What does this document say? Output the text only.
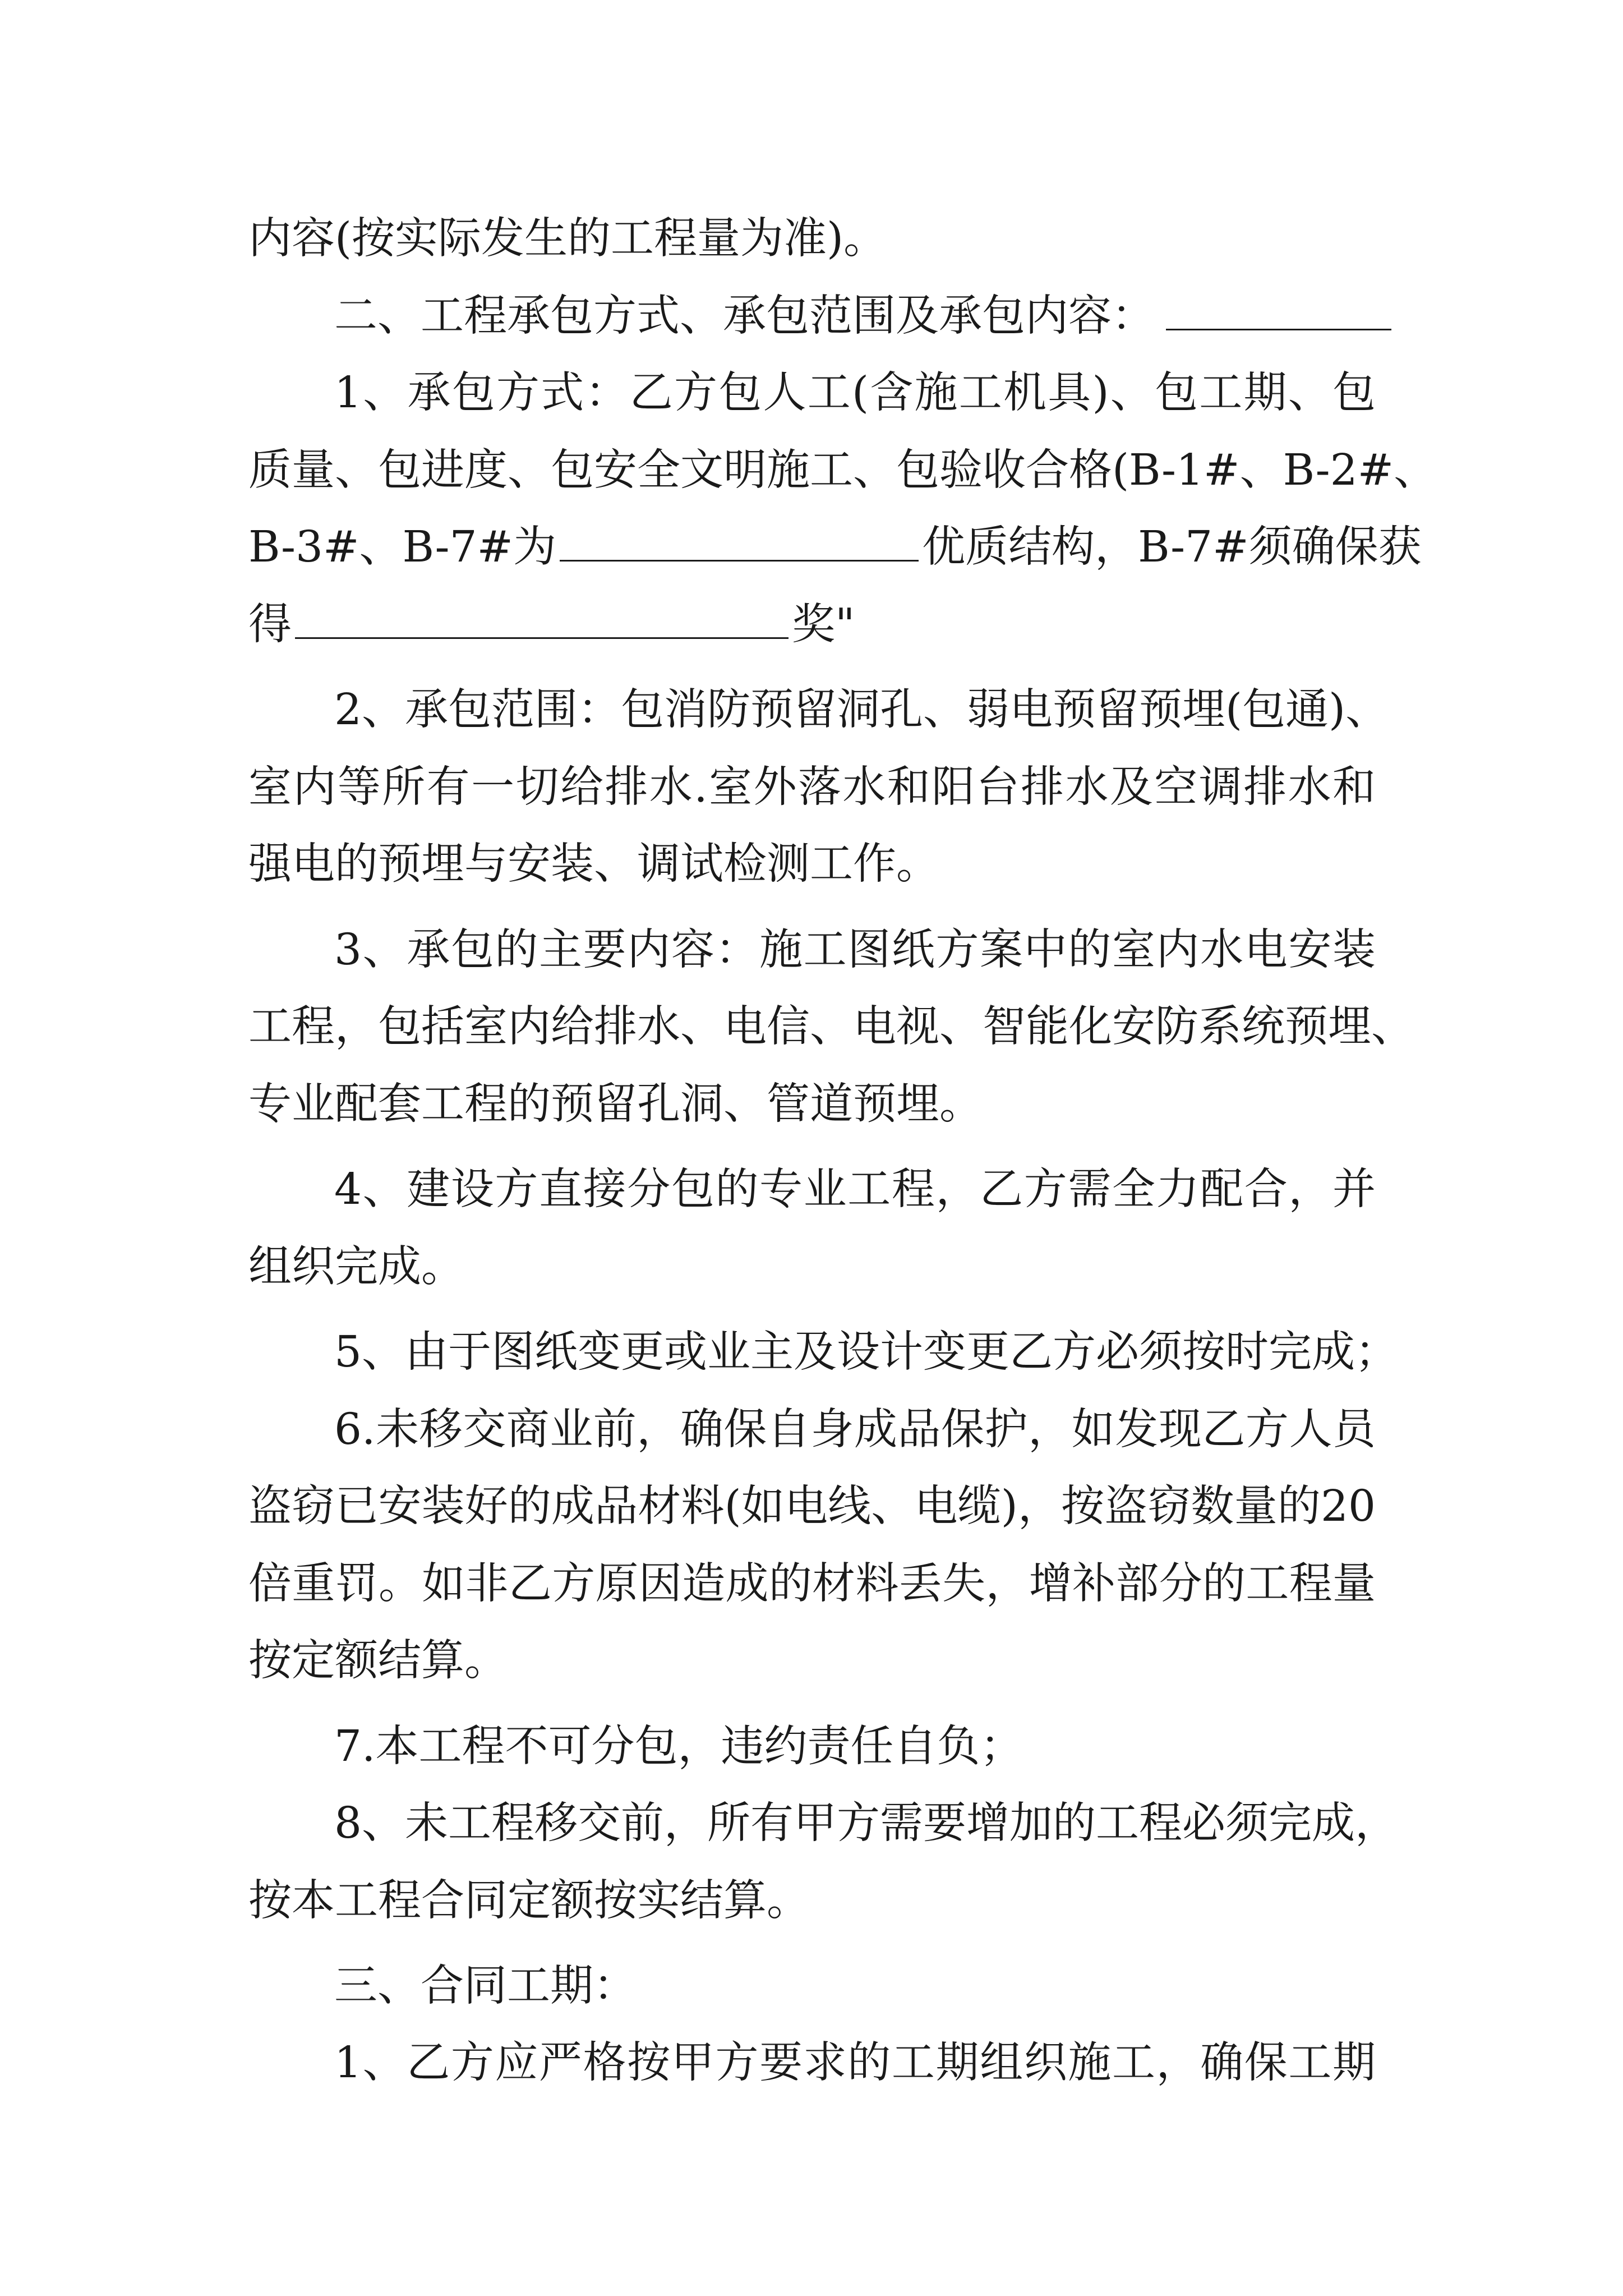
内容(按实际发生的工程量为准)。
二、工程承包方式、承包范围及承包内容：
1、承包方式：乙方包人工(含施工机具)、包工期、包
质量、包进度、包安全文明施工、包验收合格(B-1#、B-2#、
B-3#、B-7#为	优质结构，B-7#须确保获
得	奖"
2、承包范围：包消防预留洞孔、弱电预留预埋(包通)、
室内等所有一切给排水.室外落水和阳台排水及空调排水和
强电的预埋与安装、调试检测工作。
3、承包的主要内容：施工图纸方案中的室内水电安装
工程，包括室内给排水、电信、电视、智能化安防系统预埋、
专业配套工程的预留孔洞、管道预埋。
4、建设方直接分包的专业工程，乙方需全力配合，并
组织完成。
5、由于图纸变更或业主及设计变更乙方必须按时完成；
6.未移交商业前，确保自身成品保护，如发现乙方人员
盗窃已安装好的成品材料(如电线、电缆)，按盗窃数量的20
倍重罚。如非乙方原因造成的材料丢失，增补部分的工程量
按定额结算。
7.本工程不可分包，违约责任自负；
8、未工程移交前，所有甲方需要增加的工程必须完成，
按本工程合同定额按实结算。
三、合同工期：
1、乙方应严格按甲方要求的工期组织施工，确保工期
